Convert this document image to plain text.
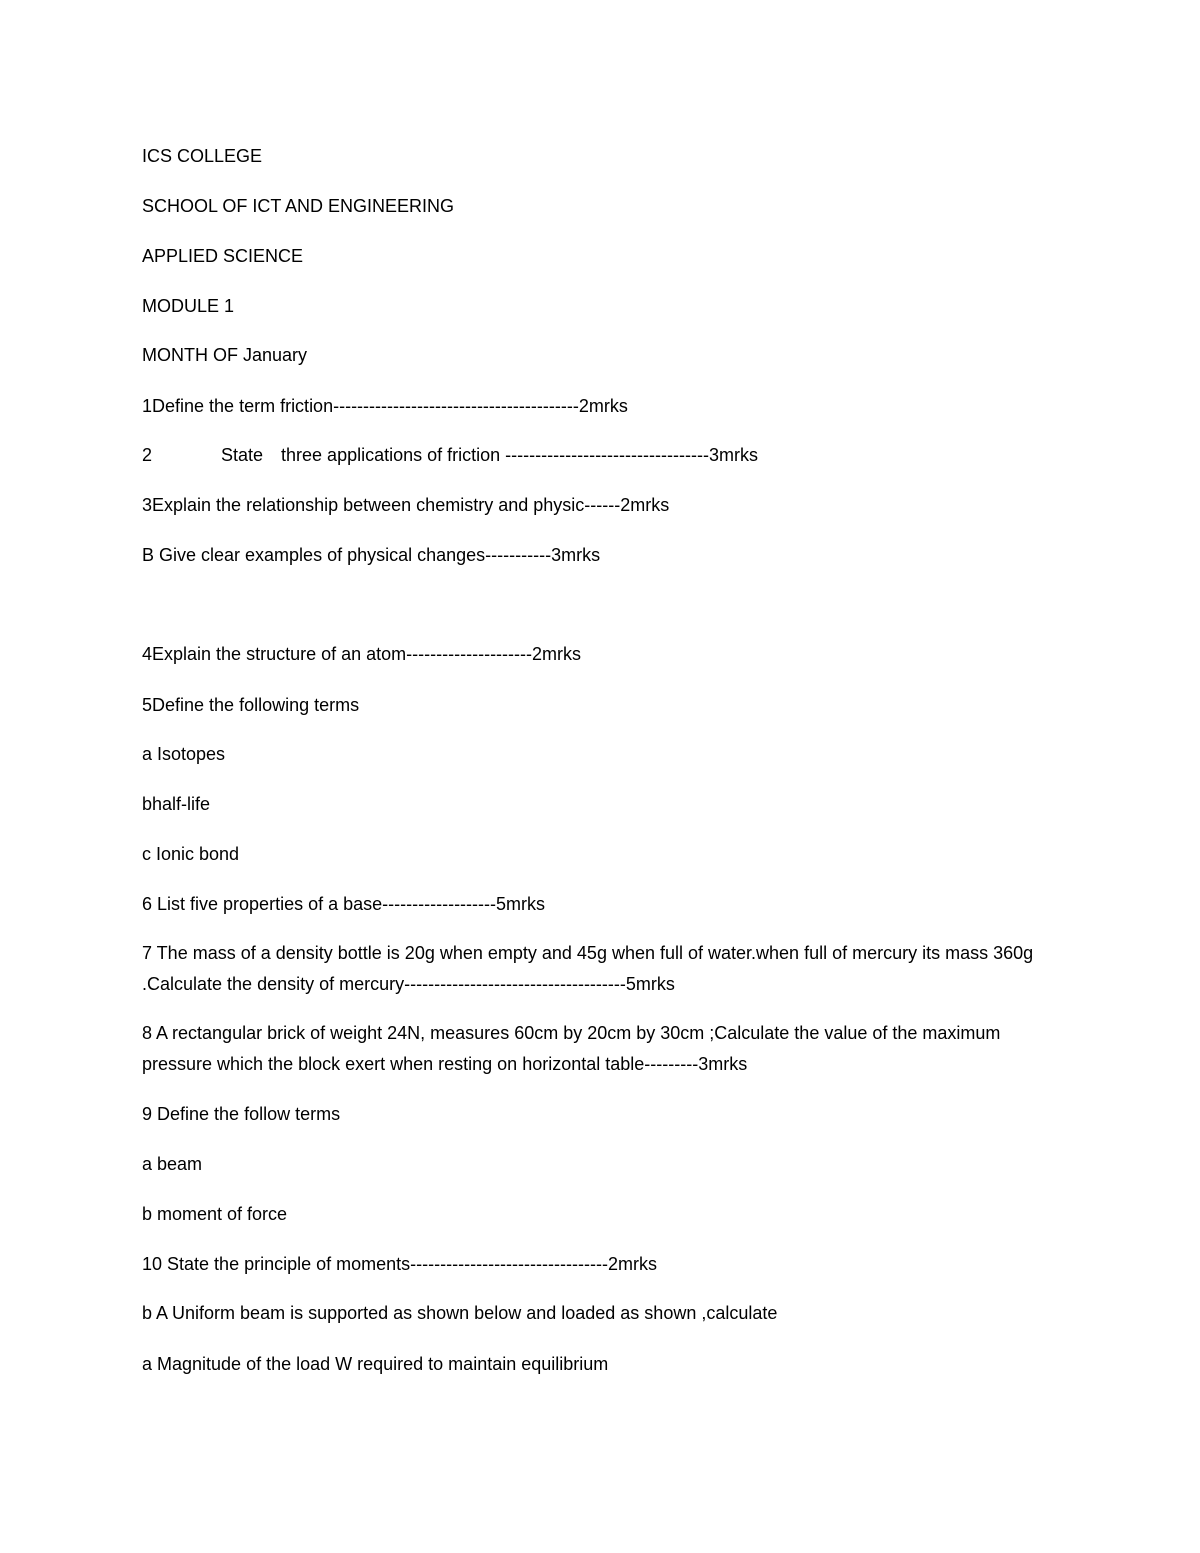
ICS COLLEGE
SCHOOL OF ICT AND ENGINEERING
APPLIED SCIENCE
MODULE 1
MONTH OF January
1Define the term friction-----------------------------------------2mrks
2	State three applications of friction ----------------------------------3mrks
3Explain the relationship between chemistry and physic------2mrks
B Give clear examples of physical changes-----------3mrks
4Explain the structure of an atom---------------------2mrks
5Define the following terms
a Isotopes
bhalf-life
c Ionic bond
6 List five properties of a base-------------------5mrks
7 The mass of a density bottle is 20g when empty and 45g when full of water.when full of mercury its mass 360g .Calculate the density of mercury-------------------------------------5mrks
8 A rectangular brick of weight 24N, measures 60cm by 20cm by 30cm ;Calculate the value of the maximum pressure which the block exert when resting on horizontal table---------3mrks
9 Define the follow terms
a beam
b moment of force
10 State the principle of moments---------------------------------2mrks
b A Uniform beam is supported as shown below and loaded as shown ,calculate
a Magnitude of the load W required to maintain equilibrium
